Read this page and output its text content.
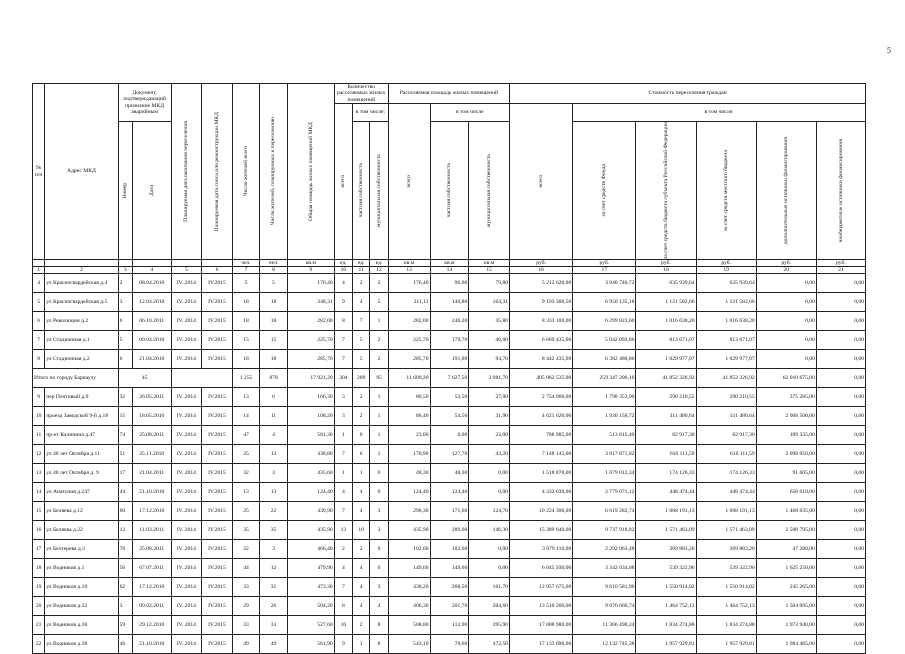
5
№ п/п	Адрес МКД	Документ, подтверждающий признание МКД аварийным		Планируемая дата окончания переселения	Планируемая дата сноса или реконструкции МКД	Число жителей всего	Число жителей, планируемых к переселению	Общая площадь жилых помещений МКД	Количество расселяемых жилых помещений			Расселяемая площадь жилых помещений			Стоимость переселения граждан					

									всего	в том числе:		всего	в том числе		всего	в том числе:				

		Номер	Дата							частная собственность	муниципальная собственность		частная собственность	муниципальная собственность		за счет средств Фонда	за счет средств бюджета субъекта Российской Федерации	за счет средств местного бюджета	дополнительные источники финансирования	внебюджетные источники финансирования

						чел.	чел.	кв.м	ед.	ед.	ед.	кв.м	кв.м	кв.м	руб.	руб.	руб.	руб.	руб.	руб.
1	2	3	4	5	6	7	8	9	10	11	12	13	14	15	16	17	18	19	20	21
4	ул Красногвардейская д.4	2	08.04.2010	IV..2014	IV.2015	5	5	176,40	4	2	2	176,40	96,60	79,80	5 212 620,00	3 940 740,72	635 939,64	635 939,64	0,00	0,00
5	ул Красногвардейская д.5	3	12.04.2010	IV..2014	IV.2015	18	18	348,31	9	4	5	311,11	146,80	164,31	9 193 300,50	6 950 135,18	1 121 582,66	1 121 582,66	0,00	0,00
6	ул Революции д.2	6	06.10.2011	IV..2014	IV.2015	18	18	282,00	8	7	1	282,00	246,20	35,80	8 333 100,00	6 299 823,60	1 016 638,20	1 016 638,20	0,00	0,00
7	ул Стадионная д.1	5	09.04.2010	IV..2014	IV.2015	15	15	225,70	7	5	2	225,70	179,70	46,00	6 669 435,00	5 042 092,86	813 671,07	813 671,07	0,00	0,00
8	ул Стадионная д.2	6	21.04.2010	IV..2014	IV.2015	18	18	285,70	7	5	2	285,70	191,00	94,70	8 442 435,00	6 382 480,86	1 029 977,07	1 029 977,07	0,00	0,00
Итого по городу Барнаулу		45				1 255	878	17 921,20	304	209	95	11 609,20	7 627,50	3 981,70	405 062 535,00	259 347 206,16	41 852 326,92	41 852 326,92	62 010 675,00	0,00
9	пер Почтовый д.9	32	26.05.2011	IV..2014	IV.2015	13	6	166,30	3	2	1	80,50	53,50	27,00	2 754 060,00	1 798 353,90	290 210,55	290 210,55	375 285,00	0,00
10	проезд Заводской 9-й д.18	15	18.05.2010	IV..2014	IV.2015	14	11	108,20	3	2	1	86,40	54,50	31,90	4 621 620,00	1 930 158,72	311 480,64	311 480,64	2 068 500,00	0,00
11	пр-кт Калинина д.47	74	25.08.2011	IV..2014	IV.2015	47	4	581,30	1	0	1	23,00	0,00	23,00	788 985,00	513 815,40	82 917,30	82 917,30	109 335,00	0,00
12	ул 40 лет Октября д.11	51	25.11.2010	IV..2014	IV.2015	25	13	438,80	7	6	1	170,90	127,70	43,20	7 148 145,00	3 817 871,82	616 111,59	616 111,59	2 098 050,00	0,00
13	ул 40 лет Октября д. 9	17	21.04.2011	IV..2014	IV.2015	32	3	435,60	1	1	0	48,30	48,30	0,00	1 518 870,00	1 079 012,34	174 126,33	174 126,33	91 605,00	0,00
14	ул Анатолия д.247	44	21.10.2010	IV..2014	IV.2015	13	13	124,40	4	4	0	124,40	124,40	0,00	4 332 030,00	2 779 071,12	448 474,44	448 474,44	656 010,00	0,00
15	ул Беляева д.12	60	17.12.2010	IV..2014	IV.2015	25	22	430,90	7	4	3	296,30	171,60	124,70	10 224 300,00	6 619 282,74	1 068 191,13	1 068 191,13	1 468 635,00	0,00
16	ул Беляева д.22	12	11.03.2011	IV..2014	IV.2015	35	35	435,90	13	10	3	435,90	289,60	146,30	15 389 640,00	9 737 918,82	1 571 463,09	1 571 463,09	2 508 795,00	0,00
17	ул Бехтерева д.3	76	25.08.2011	IV..2014	IV.2015	22	3	466,40	2	2	0	102,60	102,60	0,00	3 079 110,00	2 292 063,48	369 883,26	369 883,26	47 280,00	0,00
18	ул Водников д.1	56	07.07.2011	IV..2014	IV.2015	44	12	479,90	4	4	0	149,60	149,60	0,00	6 045 930,00	3 342 034,08	539 322,96	539 322,96	1 625 250,00	0,00
19	ул Водников д.10	62	17.12.2010	IV..2014	IV.2015	33	31	473,30	7	4	3	430,20	268,50	161,70	12 957 675,00	9 610 581,96	1 550 914,02	1 550 914,02	245 265,00	0,00
20	ул Водников д.32	3	09.02.2011	IV..2014	IV.2015	29	26	504,20	8	4	4	406,30	201,70	204,60	13 510 260,00	9 076 660,74	1 464 752,13	1 464 752,13	1 504 095,00	0,00
21	ул Водников д.36	59	29.12.2010	IV..2014	IV.2015	33	33	527,60	10	2	8	508,80	112,90	395,90	17 008 980,00	11 366 490,24	1 834 274,88	1 834 274,88	1 973 940,00	0,00
22	ул Водников д.38	46	21.10.2010	IV..2014	IV.2015	49	49	561,90	9	1	8	543,10	70,60	472,50	17 133 090,00	12 132 745,38	1 957 929,81	1 957 929,81	1 084 485,00	0,00
